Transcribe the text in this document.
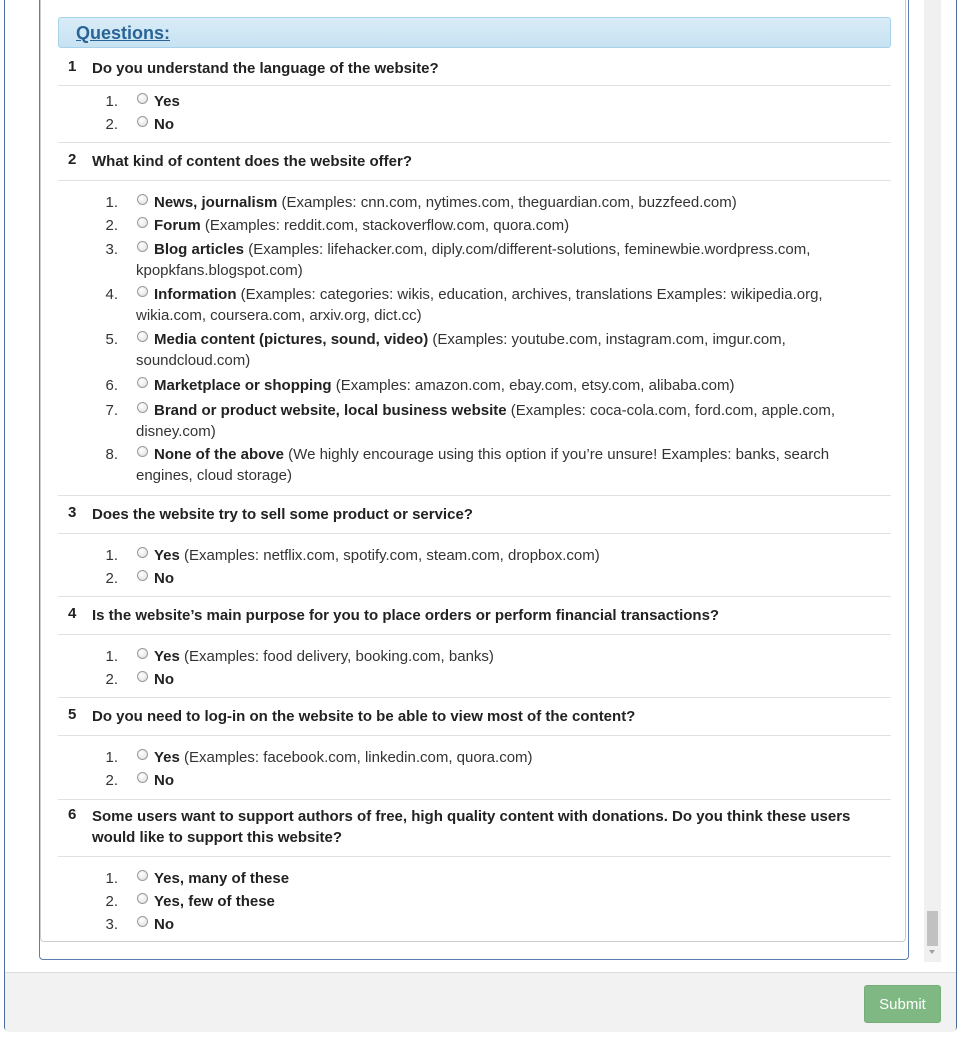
Questions:
1	Do you understand the language of the website?
1.	Yes
2.	No
2	What kind of content does the website offer?
1.	News, journalism (Examples: cnn.com, nytimes.com, theguardian.com, buzzfeed.com)
2.	Forum (Examples: reddit.com, stackoverflow.com, quora.com)
3.	Blog articles (Examples: lifehacker.com, diply.com/different-solutions, feminewbie.wordpress.com, kpopkfans.blogspot.com)
4.	Information (Examples: categories: wikis, education, archives, translations Examples: wikipedia.org, wikia.com, coursera.com, arxiv.org, dict.cc)
5.	Media content (pictures, sound, video) (Examples: youtube.com, instagram.com, imgur.com, soundcloud.com)
6.	Marketplace or shopping (Examples: amazon.com, ebay.com, etsy.com, alibaba.com)
7.	Brand or product website, local business website (Examples: coca-cola.com, ford.com, apple.com, disney.com)
8.	None of the above (We highly encourage using this option if you’re unsure! Examples: banks, search engines, cloud storage)
3	Does the website try to sell some product or service?
1.	Yes (Examples: netflix.com, spotify.com, steam.com, dropbox.com)
2.	No
4	Is the website’s main purpose for you to place orders or perform financial transactions?
1.	Yes (Examples: food delivery, booking.com, banks)
2.	No
5	Do you need to log-in on the website to be able to view most of the content?
1.	Yes (Examples: facebook.com, linkedin.com, quora.com)
2.	No
6	Some users want to support authors of free, high quality content with donations. Do you think these users would like to support this website?
1.	Yes, many of these
2.	Yes, few of these
3.	No
Submit
